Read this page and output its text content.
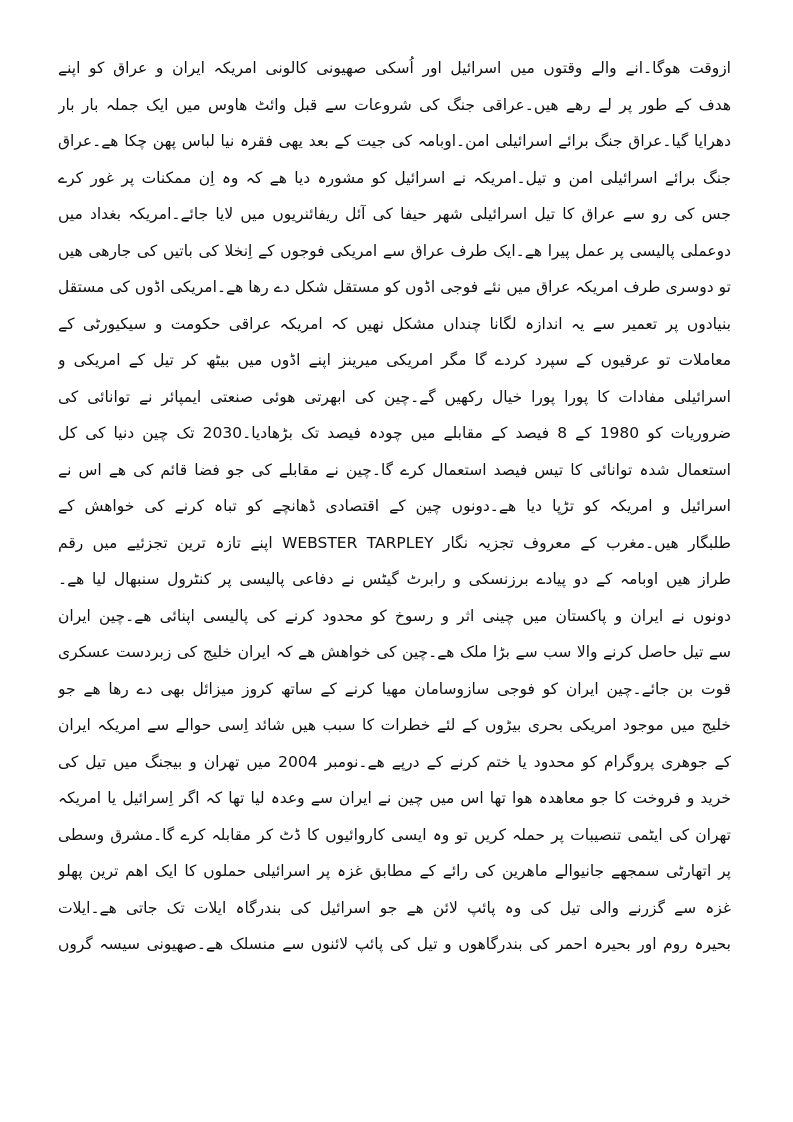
ازوقت ھوگا۔انے والے وقتوں میں اسرائیل اور اُسکی صھیونی کالونی امریکہ ایران و عراق کو اپنے
ھدف کے طور پر لے رھے ھیں۔عراقی جنگ کی شروعات سے قبل وائٹ ھاوس میں ایک جملہ بار بار
دھرایا گیا۔عراق جنگ برائے اسرائیلی امن۔اوبامہ کی جیت کے بعد یھی فقرہ نیا لباس پھن چکا ھے۔عراق
جنگ برائے اسرائیلی امن و تیل۔امریکہ نے اسرائیل کو مشورہ دیا ھے کہ وہ اِن ممکنات پر غور کرے
جس کی رو سے عراق کا تیل اسرائیلی شھر حیفا کی آئل ریفائنریوں میں لایا جائے۔امریکہ بغداد میں
دوعملی پالیسی پر عمل پیرا ھے۔ایک طرف عراق سے امریکی فوجوں کے اِنخلا کی باتیں کی جارھی ھیں
تو دوسری طرف امریکہ عراق میں نئے فوجی اڈوں کو مستقل شکل دے رھا ھے۔امریکی اڈوں کی مستقل
بنیادوں پر تعمیر سے یہ اندازہ لگانا چنداں مشکل نھیں کہ امریکہ عراقی حکومت و سیکیورٹی کے
معاملات تو عرقیوں کے سپرد کردے گا مگر امریکی میرینز اپنے اڈوں میں بیٹھ کر تیل کے امریکی و
اسرائیلی مفادات کا پورا پورا خیال رکھیں گے۔چین کی ابھرتی ھوئی صنعتی ایمپائر نے توانائی کی
ضروریات کو 1980 کے 8 فیصد کے مقابلے میں چودہ فیصد تک بڑھادیا۔2030 تک چین دنیا کی کل
استعمال شدہ توانائی کا تیس فیصد استعمال کرے گا۔چین نے مقابلے کی جو فضا قائم کی ھے اس نے
اسرائیل و امریکہ کو تڑپا دیا ھے۔دونوں چین کے اقتصادی ڈھانچے کو تباہ کرنے کی خواھش کے
طلبگار ھیں۔مغرب کے معروف تجزیہ نگار WEBSTER TARPLEY اپنے تازہ ترین تجزئیے میں رقم
طراز ھیں اوبامہ کے دو پیادے برزنسکی و رابرٹ گیٹس نے دفاعی پالیسی پر کنٹرول سنبھال لیا ھے۔
دونوں نے ایران و پاکستان میں چینی اثر و رسوخ کو محدود کرنے کی پالیسی اپنائی ھے۔چین ایران
سے تیل حاصل کرنے والا سب سے بڑا ملک ھے۔چین کی خواھش ھے کہ ایران خلیج کی زبردست عسکری
قوت بن جائے۔چین ایران کو فوجی سازوسامان مھیا کرنے کے ساتھ کروز میزائل بھی دے رھا ھے جو
خلیج میں موجود امریکی بحری بیڑوں کے لئے خطرات کا سبب ھیں شائد اِسی حوالے سے امریکہ ایران
کے جوھری پروگرام کو محدود یا ختم کرنے کے درپے ھے۔نومبر 2004 میں تھران و بیجنگ میں تیل کی
خرید و فروخت کا جو معاھدہ ھوا تھا اس میں چین نے ایران سے وعدہ لیا تھا کہ اگر اِسرائیل یا امریکہ
تھران کی ایٹمی تنصیبات پر حملہ کریں تو وہ ایسی کاروائیوں کا ڈٹ کر مقابلہ کرے گا۔مشرق وسطی
پر اتھارٹی سمجھے جانیوالے ماھرین کی رائے کے مطابق غزہ پر اسرائیلی حملوں کا ایک اھم ترین پھلو
غزہ سے گزرنے والی تیل کی وہ پائپ لائن ھے جو اسرائیل کی بندرگاہ ایلات تک جاتی ھے۔ایلات
بحیرہ روم اور بحیرہ احمر کی بندرگاھوں و تیل کی پائپ لائنوں سے منسلک ھے۔صھیونی سیسہ گروں
